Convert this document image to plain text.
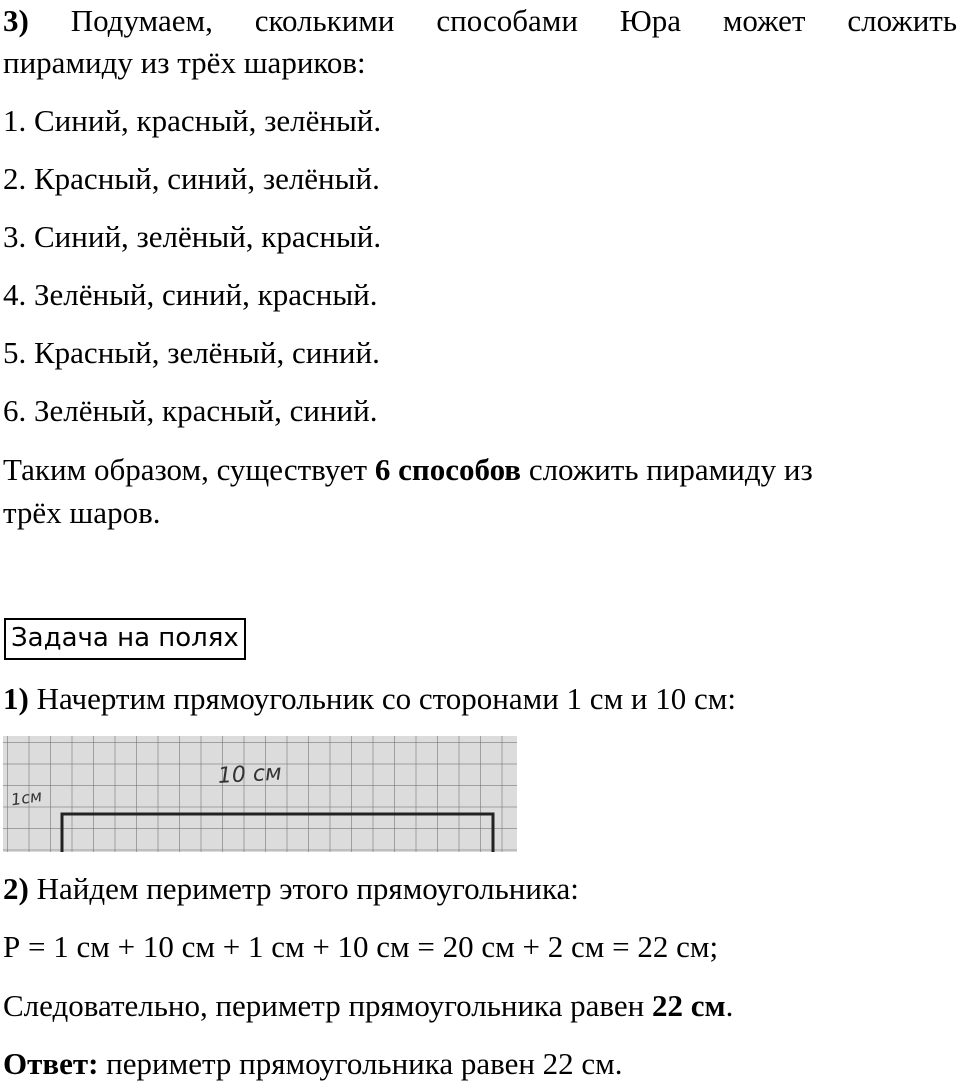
3) Подумаем, сколькими способами Юра может сложить
пирамиду из трёх шариков:
1. Синий, красный, зелёный.
2. Красный, синий, зелёный.
3. Синий, зелёный, красный.
4. Зелёный, синий, красный.
5. Красный, зелёный, синий.
6. Зелёный, красный, синий.
Таким образом, существует 6 способов сложить пирамиду из
трёх шаров.
Задача на полях
1) Начертим прямоугольник со сторонами 1 см и 10 см:
10 см
1см
2) Найдем периметр этого прямоугольника:
Р = 1 см + 10 см + 1 см + 10 см = 20 см + 2 см = 22 см;
Следовательно, периметр прямоугольника равен 22 см.
Ответ: периметр прямоугольника равен 22 см.
